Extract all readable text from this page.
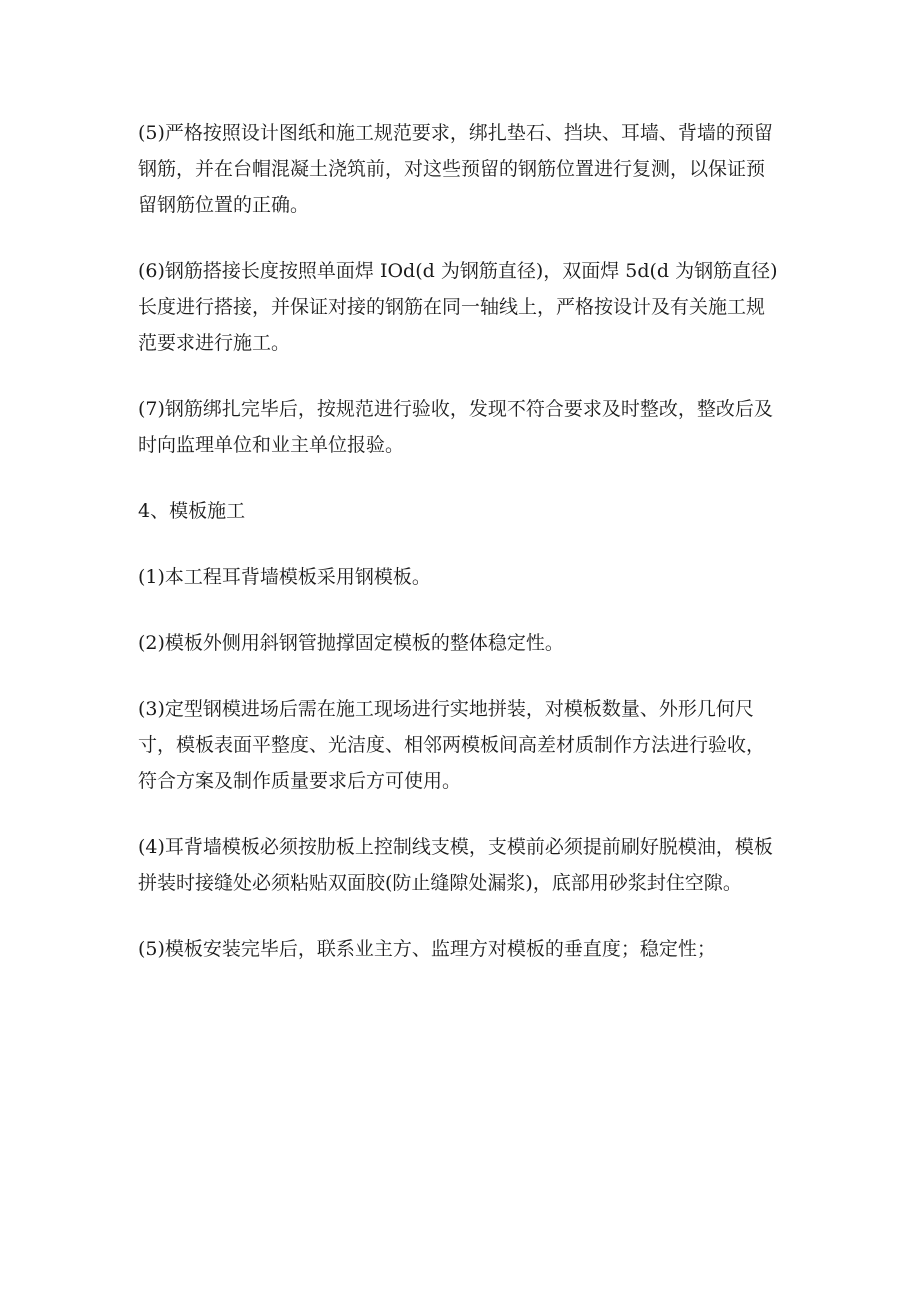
(5)严格按照设计图纸和施工规范要求，绑扎垫石、挡块、耳墙、背墙的预留钢筋，并在台帽混凝土浇筑前，对这些预留的钢筋位置进行复测，以保证预留钢筋位置的正确。

(6)钢筋搭接长度按照单面焊 IOd(d 为钢筋直径)，双面焊 5d(d 为钢筋直径)长度进行搭接，并保证对接的钢筋在同一轴线上，严格按设计及有关施工规范要求进行施工。

(7)钢筋绑扎完毕后，按规范进行验收，发现不符合要求及时整改，整改后及时向监理单位和业主单位报验。

4、模板施工

(1)本工程耳背墙模板采用钢模板。

(2)模板外侧用斜钢管抛撑固定模板的整体稳定性。

(3)定型钢模进场后需在施工现场进行实地拼装，对模板数量、外形几何尺寸，模板表面平整度、光洁度、相邻两模板间高差材质制作方法进行验收，符合方案及制作质量要求后方可使用。

(4)耳背墙模板必须按肋板上控制线支模，支模前必须提前刷好脱模油，模板拼装时接缝处必须粘贴双面胶(防止缝隙处漏浆)，底部用砂浆封住空隙。

(5)模板安装完毕后，联系业主方、监理方对模板的垂直度；稳定性；
